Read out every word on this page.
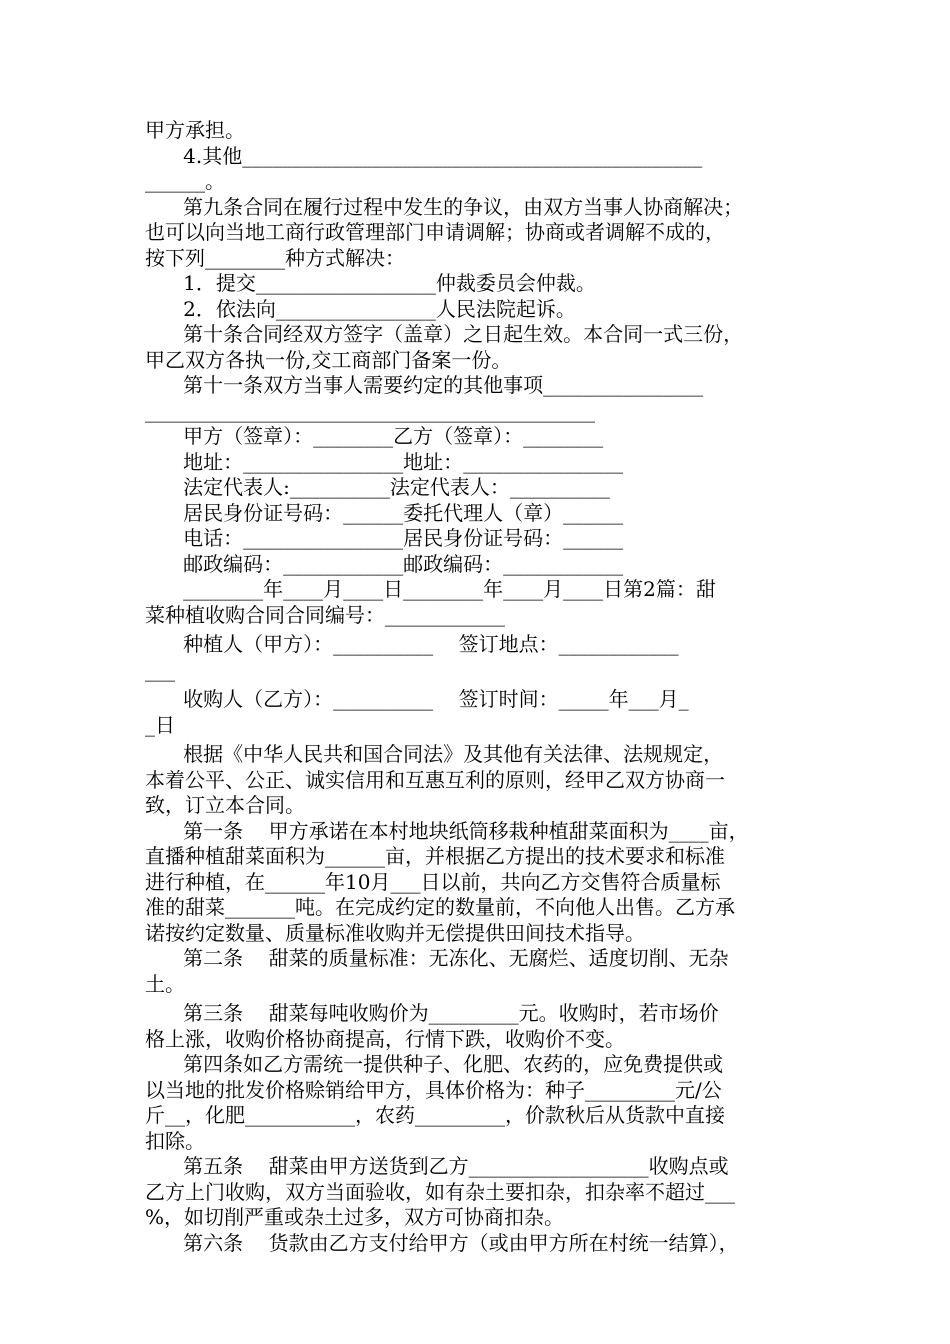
甲方承担。
4.其他______________________________________________
______。
第九条合同在履行过程中发生的争议，由双方当事人协商解决；
也可以向当地工商行政管理部门申请调解；协商或者调解不成的，
按下列________种方式解决：
1．提交__________________仲裁委员会仲裁。
2．依法向________________人民法院起诉。
第十条合同经双方签字（盖章）之日起生效。本合同一式三份，
甲乙双方各执一份,交工商部门备案一份。
第十一条双方当事人需要约定的其他事项________________
_____________________________________________
甲方（签章）：________乙方（签章）：________
地址：________________地址：________________
法定代表人:__________法定代表人：__________
居民身份证号码：______委托代理人（章）______
电话：________________居民身份证号码：______
邮政编码：____________邮政编码：____________
________年____月____日________年____月____日第2篇：甜
菜种植收购合同合同编号：____________
种植人（甲方）：__________    签订地点：____________
___
收购人（乙方）：__________    签订时间：_____年___月_
_日
根据《中华人民共和国合同法》及其他有关法律、法规规定，
本着公平、公正、诚实信用和互惠互利的原则，经甲乙双方协商一
致，订立本合同。
第一条    甲方承诺在本村地块纸筒移栽种植甜菜面积为____亩，
直播种植甜菜面积为______亩，并根据乙方提出的技术要求和标准
进行种植，在______年10月___日以前，共向乙方交售符合质量标
准的甜菜_______吨。在完成约定的数量前，不向他人出售。乙方承
诺按约定数量、质量标准收购并无偿提供田间技术指导。
第二条    甜菜的质量标准：无冻化、无腐烂、适度切削、无杂
土。
第三条    甜菜每吨收购价为_________元。收购时，若市场价
格上涨，收购价格协商提高，行情下跌，收购价不变。
第四条如乙方需统一提供种子、化肥、农药的，应免费提供或
以当地的批发价格赊销给甲方，具体价格为：种子_________元/公
斤__，化肥___________，农药_________，价款秋后从货款中直接
扣除。
第五条    甜菜由甲方送货到乙方__________________收购点或
乙方上门收购，双方当面验收，如有杂土要扣杂，扣杂率不超过___
%，如切削严重或杂土过多，双方可协商扣杂。
第六条    货款由乙方支付给甲方（或由甲方所在村统一结算），
